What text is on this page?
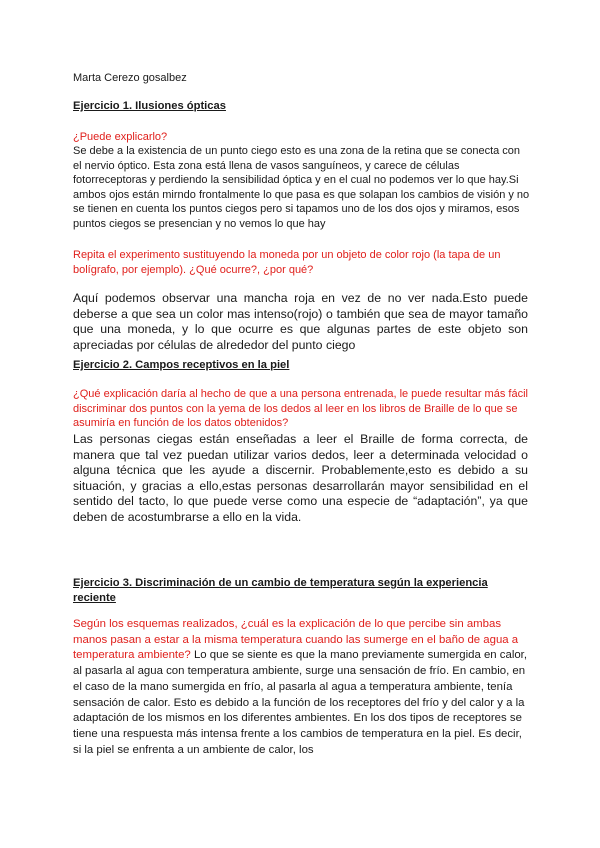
Marta Cerezo gosalbez

Ejercicio 1. Ilusiones ópticas

¿Puede explicarlo?

Se debe a la existencia de un punto ciego esto es una zona de la retina que se conecta con el nervio óptico. Esta zona está llena de vasos sanguíneos, y carece de células fotorreceptoras y perdiendo la sensibilidad óptica y en el cual no podemos ver lo que hay.Si ambos ojos están mirndo frontalmente lo que pasa es que solapan los cambios de visión y no se tienen en cuenta los puntos ciegos pero si tapamos uno de los dos ojos y miramos, esos puntos ciegos se presencian y no vemos lo que hay

Repita el experimento sustituyendo la moneda por un objeto de color rojo (la tapa de un bolígrafo, por ejemplo). ¿Qué ocurre?, ¿por qué?

Aquí podemos observar una mancha roja en vez de no ver nada.Esto puede deberse a que sea un color mas intenso(rojo) o también que sea de mayor tamaño que una moneda, y lo que ocurre es que algunas partes de este objeto son apreciadas por células de alrededor del punto ciego

Ejercicio 2. Campos receptivos en la piel

¿Qué explicación daría al hecho de que a una persona entrenada, le puede resultar más fácil discriminar dos puntos con la yema de los dedos al leer en los libros de Braille de lo que se asumiría en función de los datos obtenidos?

Las personas ciegas están enseñadas a leer el Braille de forma correcta, de manera que tal vez puedan utilizar varios dedos, leer a determinada velocidad o alguna técnica que les ayude a discernir. Probablemente,esto es debido a su situación, y gracias a ello,estas personas desarrollarán mayor sensibilidad en el sentido del tacto, lo que puede verse como una especie de “adaptación”, ya que deben de acostumbrarse a ello en la vida.

Ejercicio 3. Discriminación de un cambio de temperatura según la experiencia reciente

Según los esquemas realizados, ¿cuál es la explicación de lo que percibe sin ambas manos pasan a estar a la misma temperatura cuando las sumerge en el baño de agua a temperatura ambiente? Lo que se siente es que la mano previamente sumergida en calor, al pasarla al agua con temperatura ambiente, surge una sensación de frío. En cambio, en el caso de la mano sumergida en frío, al pasarla al agua a temperatura ambiente, tenía sensación de calor. Esto es debido a la función de los receptores del frío y del calor y a la adaptación de los mismos en los diferentes ambientes. En los dos tipos de receptores se tiene una respuesta más intensa frente a los cambios de temperatura en la piel. Es decir, si la piel se enfrenta a un ambiente de calor, los
